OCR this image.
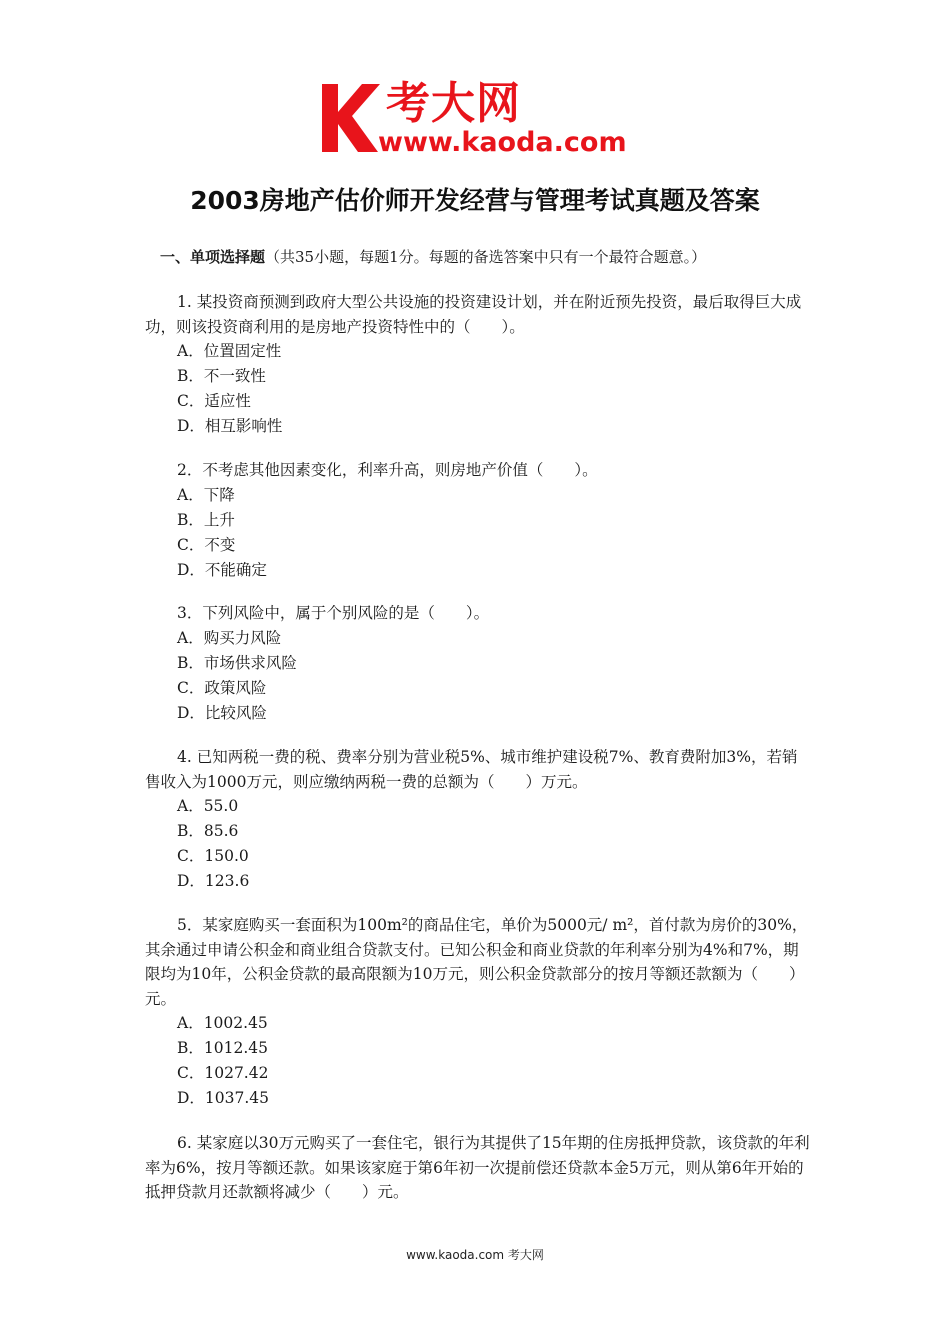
考大网
www.kaoda.com
2003房地产估价师开发经营与管理考试真题及答案
一、单项选择题（共35小题，每题1分。每题的备选答案中只有一个最符合题意。）

1. 某投资商预测到政府大型公共设施的投资建设计划，并在附近预先投资，最后取得巨大成功，则该投资商利用的是房地产投资特性中的（　　）。

A．位置固定性
B．不一致性
C．适应性
D．相互影响性

2．不考虑其他因素变化，利率升高，则房地产价值（　　）。

A．下降
B．上升
C．不变
D．不能确定

3．下列风险中，属于个别风险的是（　　）。

A．购买力风险
B．市场供求风险
C．政策风险
D．比较风险

4. 已知两税一费的税、费率分别为营业税5%、城市维护建设税7%、教育费附加3%，若销售收入为1000万元，则应缴纳两税一费的总额为（　　）万元。

A．55.0
B．85.6
C．150.0
D．123.6

5．某家庭购买一套面积为100m²的商品住宅，单价为5000元/ m²，首付款为房价的30%，其余通过申请公积金和商业组合贷款支付。已知公积金和商业贷款的年利率分别为4%和7%，期限均为10年，公积金贷款的最高限额为10万元，则公积金贷款部分的按月等额还款额为（　　）元。

A．1002.45
B．1012.45
C．1027.42
D．1037.45

6. 某家庭以30万元购买了一套住宅，银行为其提供了15年期的住房抵押贷款，该贷款的年利率为6%，按月等额还款。如果该家庭于第6年初一次提前偿还贷款本金5万元，则从第6年开始的抵押贷款月还款额将减少（　　）元。

www.kaoda.com 考大网
